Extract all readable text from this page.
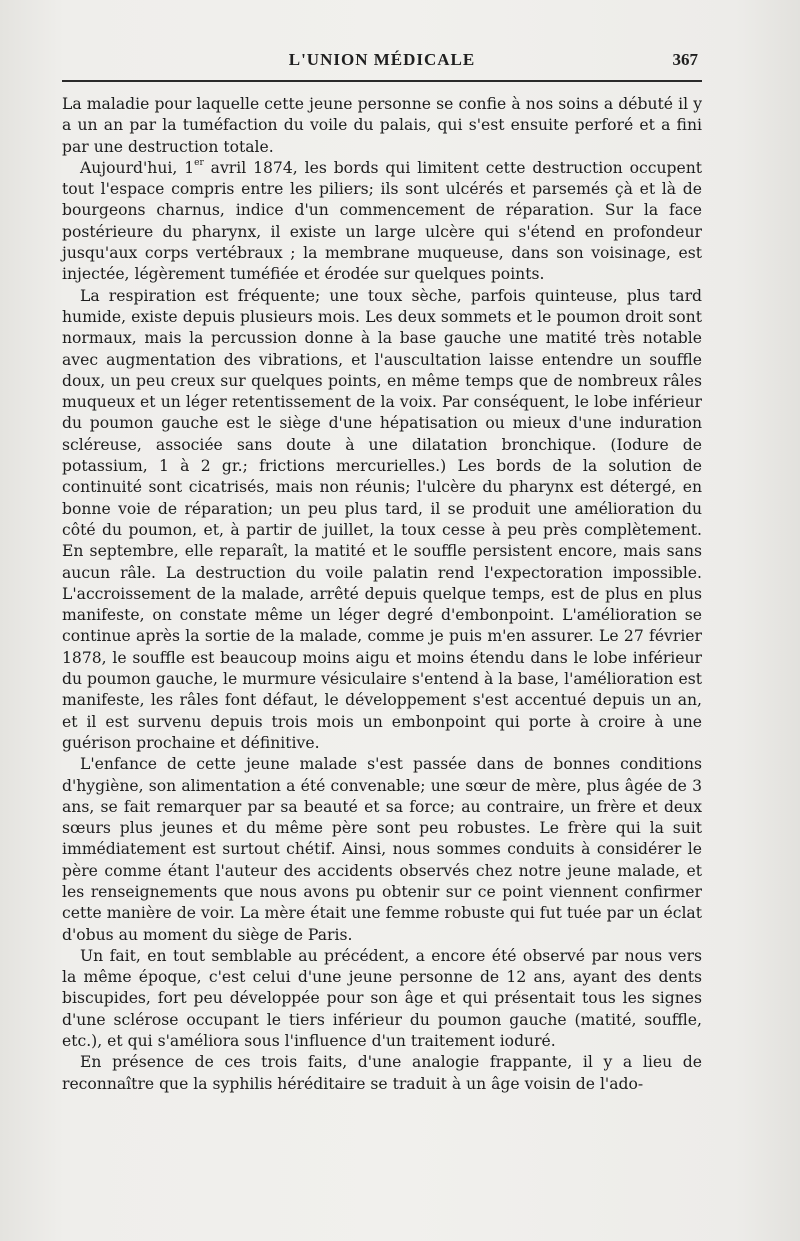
L'UNION MÉDICALE	367

La maladie pour laquelle cette jeune personne se confie à nos soins a débuté il y a un an par la tuméfaction du voile du palais, qui s'est ensuite perforé et a fini par une destruction totale.

Aujourd'hui, 1er avril 1874, les bords qui limitent cette destruction occupent tout l'espace compris entre les piliers; ils sont ulcérés et parsemés çà et là de bourgeons charnus, indice d'un commencement de réparation. Sur la face postérieure du pharynx, il existe un large ulcère qui s'étend en profondeur jusqu'aux corps vertébraux ; la membrane muqueuse, dans son voisinage, est injectée, légèrement tuméfiée et érodée sur quelques points.

La respiration est fréquente; une toux sèche, parfois quinteuse, plus tard humide, existe depuis plusieurs mois. Les deux sommets et le poumon droit sont normaux, mais la percussion donne à la base gauche une matité très notable avec augmentation des vibrations, et l'auscultation laisse entendre un souffle doux, un peu creux sur quelques points, en même temps que de nombreux râles muqueux et un léger retentissement de la voix. Par conséquent, le lobe inférieur du poumon gauche est le siège d'une hépatisation ou mieux d'une induration scléreuse, associée sans doute à une dilatation bronchique. (Iodure de potassium, 1 à 2 gr.; frictions mercurielles.) Les bords de la solution de continuité sont cicatrisés, mais non réunis; l'ulcère du pharynx est détergé, en bonne voie de réparation; un peu plus tard, il se produit une amélioration du côté du poumon, et, à partir de juillet, la toux cesse à peu près complètement. En septembre, elle reparaît, la matité et le souffle persistent encore, mais sans aucun râle. La destruction du voile palatin rend l'expectoration impossible. L'accroissement de la malade, arrêté depuis quelque temps, est de plus en plus manifeste, on constate même un léger degré d'embonpoint. L'amélioration se continue après la sortie de la malade, comme je puis m'en assurer. Le 27 février 1878, le souffle est beaucoup moins aigu et moins étendu dans le lobe inférieur du poumon gauche, le murmure vésiculaire s'entend à la base, l'amélioration est manifeste, les râles font défaut, le développement s'est accentué depuis un an, et il est survenu depuis trois mois un embonpoint qui porte à croire à une guérison prochaine et définitive.

L'enfance de cette jeune malade s'est passée dans de bonnes conditions d'hygiène, son alimentation a été convenable; une sœur de mère, plus âgée de 3 ans, se fait remarquer par sa beauté et sa force; au contraire, un frère et deux sœurs plus jeunes et du même père sont peu robustes. Le frère qui la suit immédiatement est surtout chétif. Ainsi, nous sommes conduits à considérer le père comme étant l'auteur des accidents observés chez notre jeune malade, et les renseignements que nous avons pu obtenir sur ce point viennent confirmer cette manière de voir. La mère était une femme robuste qui fut tuée par un éclat d'obus au moment du siège de Paris.

Un fait, en tout semblable au précédent, a encore été observé par nous vers la même époque, c'est celui d'une jeune personne de 12 ans, ayant des dents biscupides, fort peu développée pour son âge et qui présentait tous les signes d'une sclérose occupant le tiers inférieur du poumon gauche (matité, souffle, etc.), et qui s'améliora sous l'influence d'un traitement ioduré.

En présence de ces trois faits, d'une analogie frappante, il y a lieu de reconnaître que la syphilis héréditaire se traduit à un âge voisin de l'ado-
